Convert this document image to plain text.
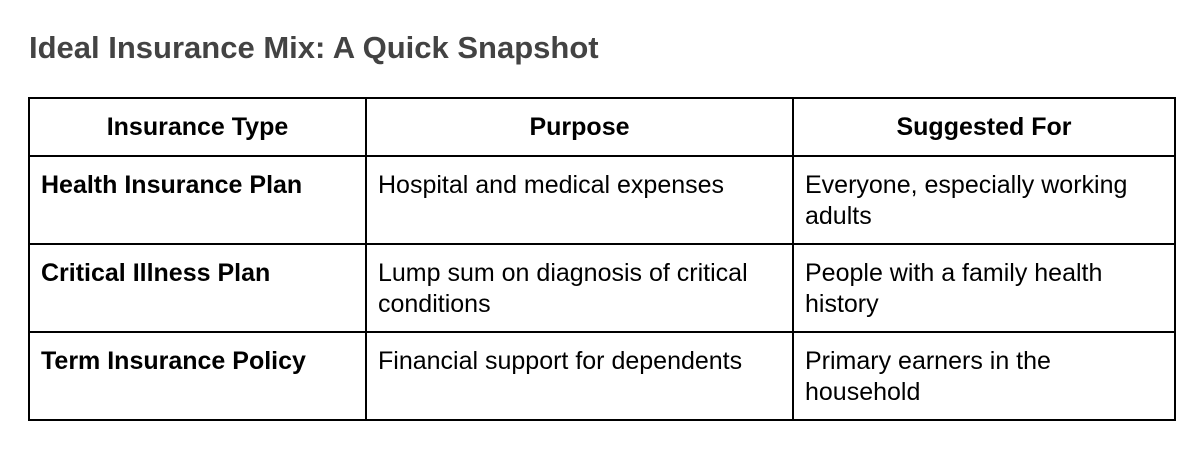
Ideal Insurance Mix: A Quick Snapshot
Insurance Type	Purpose	Suggested For
Health Insurance Plan	Hospital and medical expenses	Everyone, especially working adults
Critical Illness Plan	Lump sum on diagnosis of critical conditions	People with a family health history
Term Insurance Policy	Financial support for dependents	Primary earners in the household
